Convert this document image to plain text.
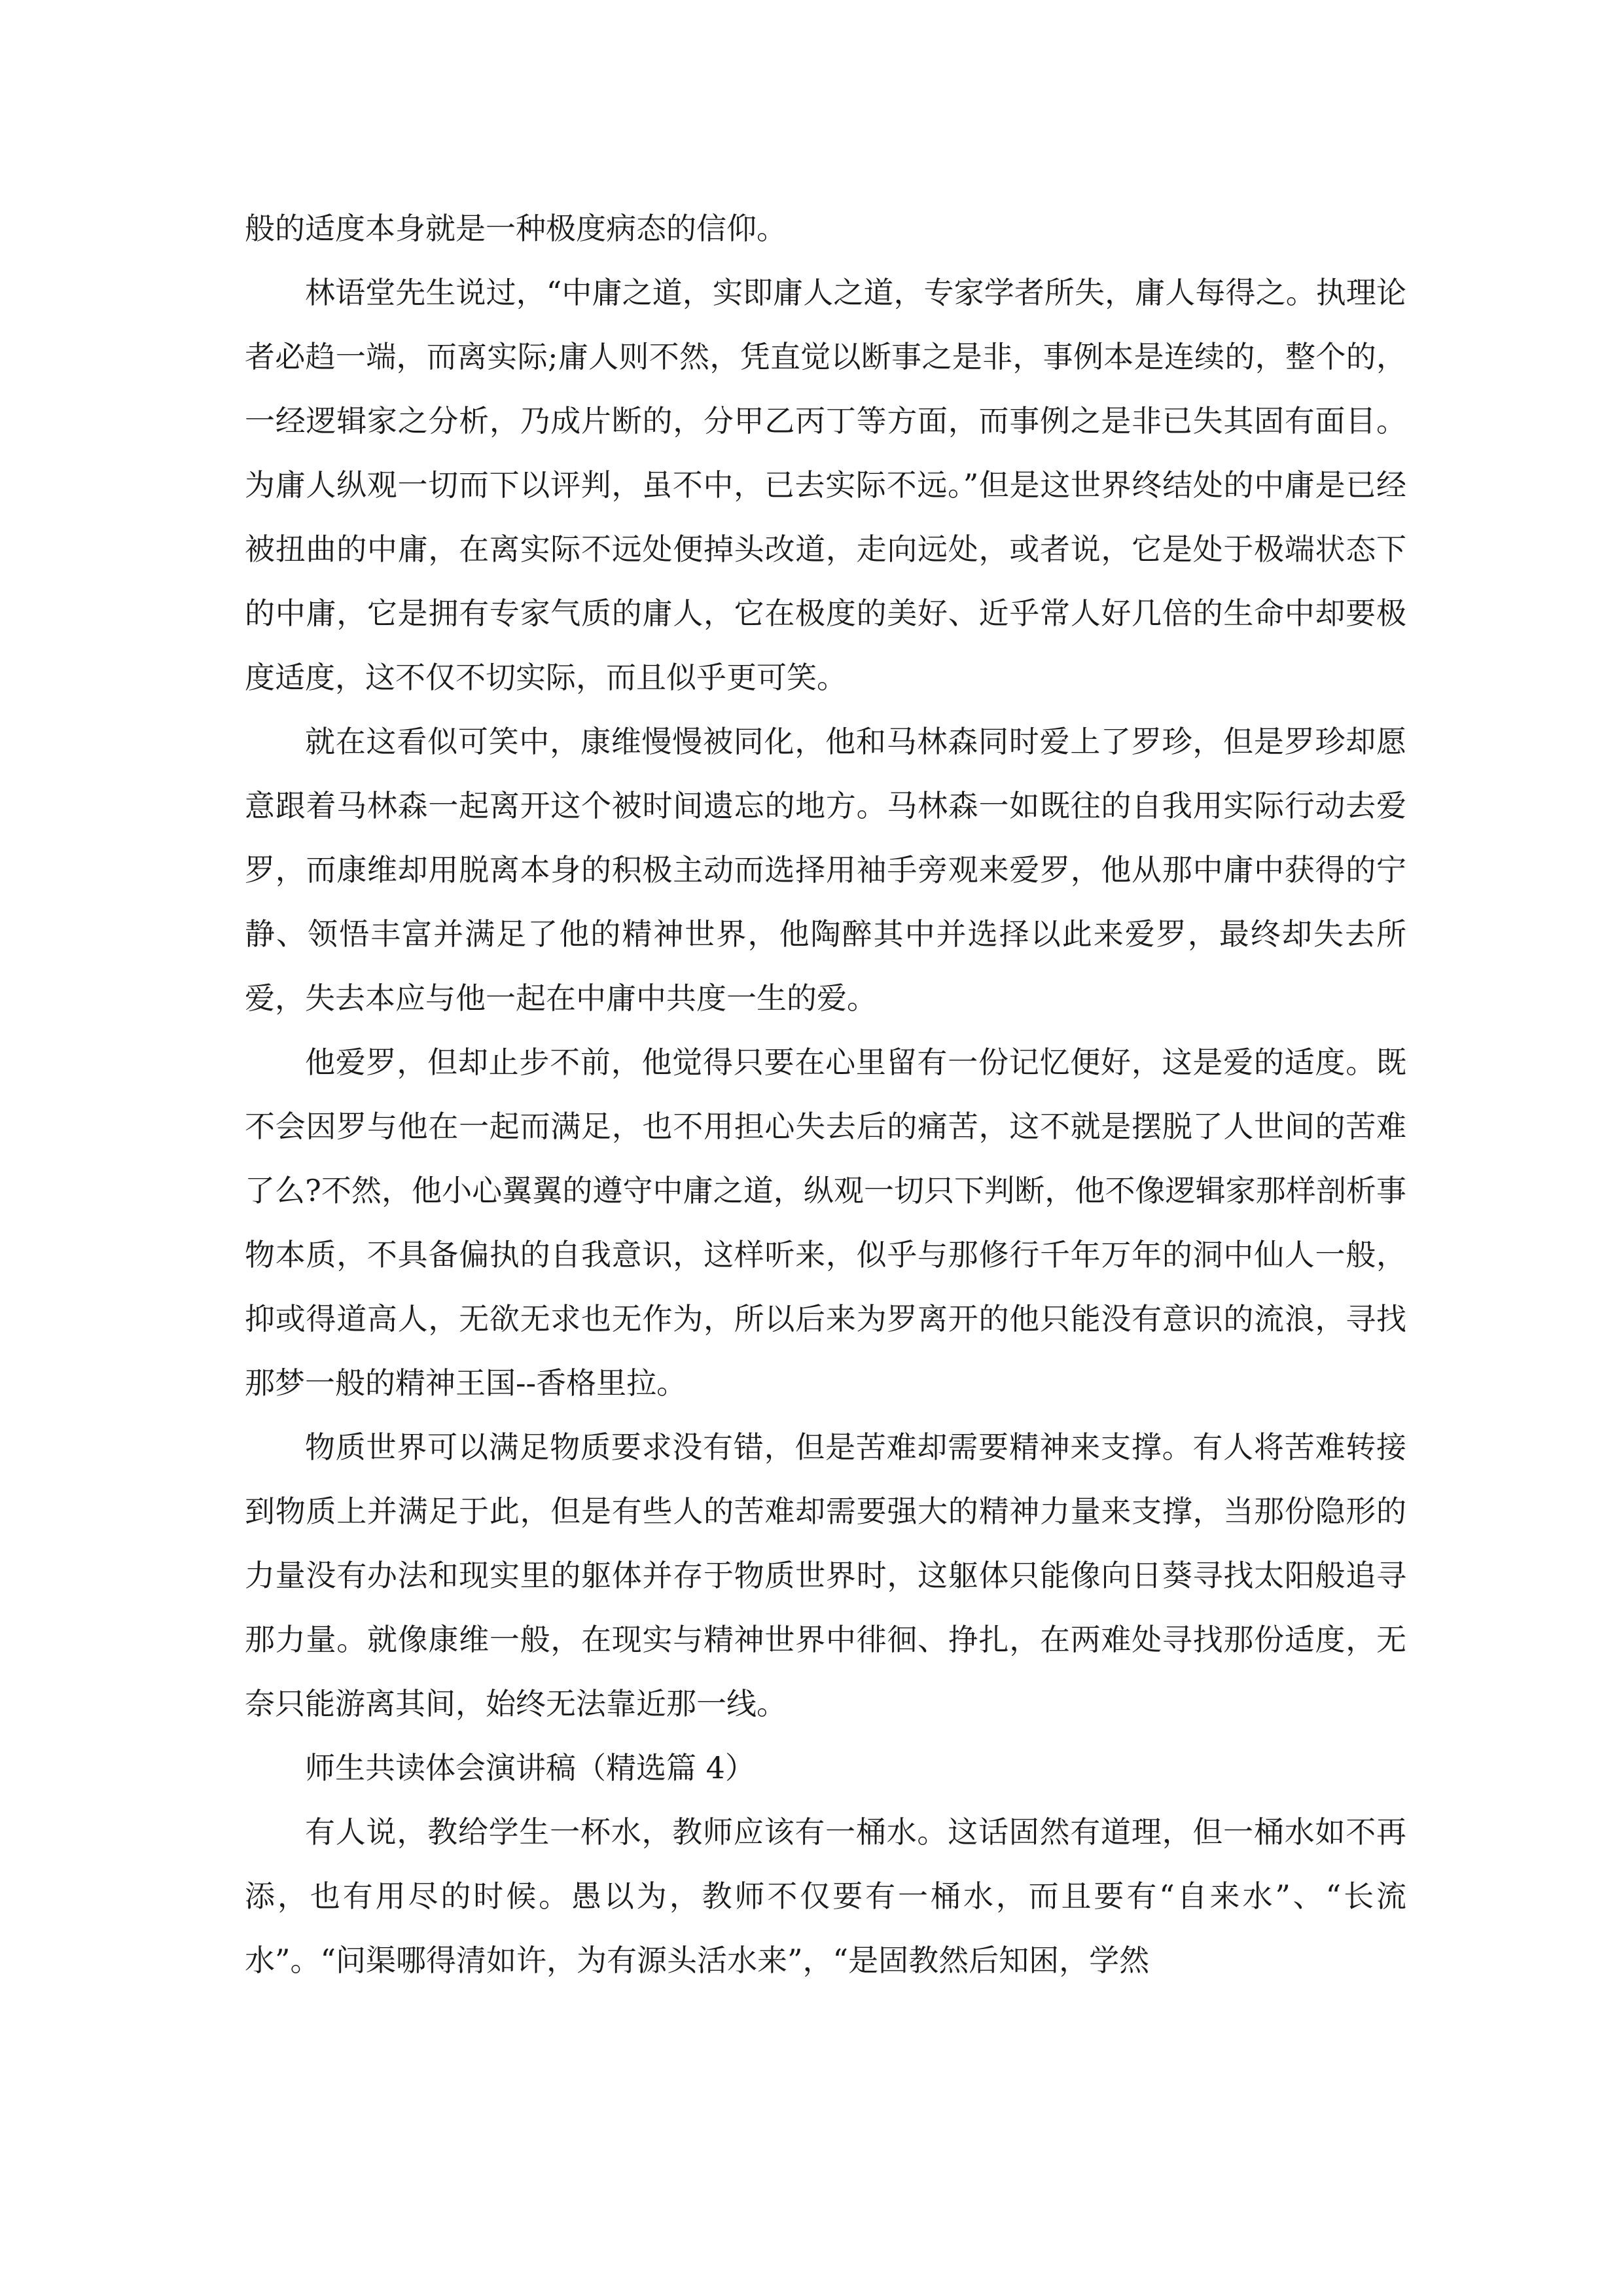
般的适度本身就是一种极度病态的信仰。

林语堂先生说过，“中庸之道，实即庸人之道，专家学者所失，庸人每得之。执理论者必趋一端，而离实际;庸人则不然，凭直觉以断事之是非，事例本是连续的，整个的，一经逻辑家之分析，乃成片断的，分甲乙丙丁等方面，而事例之是非已失其固有面目。为庸人纵观一切而下以评判，虽不中，已去实际不远。”但是这世界终结处的中庸是已经被扭曲的中庸，在离实际不远处便掉头改道，走向远处，或者说，它是处于极端状态下的中庸，它是拥有专家气质的庸人，它在极度的美好、近乎常人好几倍的生命中却要极度适度，这不仅不切实际，而且似乎更可笑。

就在这看似可笑中，康维慢慢被同化，他和马林森同时爱上了罗珍，但是罗珍却愿意跟着马林森一起离开这个被时间遗忘的地方。马林森一如既往的自我用实际行动去爱罗，而康维却用脱离本身的积极主动而选择用袖手旁观来爱罗，他从那中庸中获得的宁静、领悟丰富并满足了他的精神世界，他陶醉其中并选择以此来爱罗，最终却失去所爱，失去本应与他一起在中庸中共度一生的爱。

他爱罗，但却止步不前，他觉得只要在心里留有一份记忆便好，这是爱的适度。既不会因罗与他在一起而满足，也不用担心失去后的痛苦，这不就是摆脱了人世间的苦难了么?不然，他小心翼翼的遵守中庸之道，纵观一切只下判断，他不像逻辑家那样剖析事物本质，不具备偏执的自我意识，这样听来，似乎与那修行千年万年的洞中仙人一般，抑或得道高人，无欲无求也无作为，所以后来为罗离开的他只能没有意识的流浪，寻找那梦一般的精神王国--香格里拉。

物质世界可以满足物质要求没有错，但是苦难却需要精神来支撑。有人将苦难转接到物质上并满足于此，但是有些人的苦难却需要强大的精神力量来支撑，当那份隐形的力量没有办法和现实里的躯体并存于物质世界时，这躯体只能像向日葵寻找太阳般追寻那力量。就像康维一般，在现实与精神世界中徘徊、挣扎，在两难处寻找那份适度，无奈只能游离其间，始终无法靠近那一线。

师生共读体会演讲稿（精选篇 4）

有人说，教给学生一杯水，教师应该有一桶水。这话固然有道理，但一桶水如不再添，也有用尽的时候。愚以为，教师不仅要有一桶水，而且要有“自来水”、“长流水”。“问渠哪得清如许，为有源头活水来”，“是固教然后知困，学然
